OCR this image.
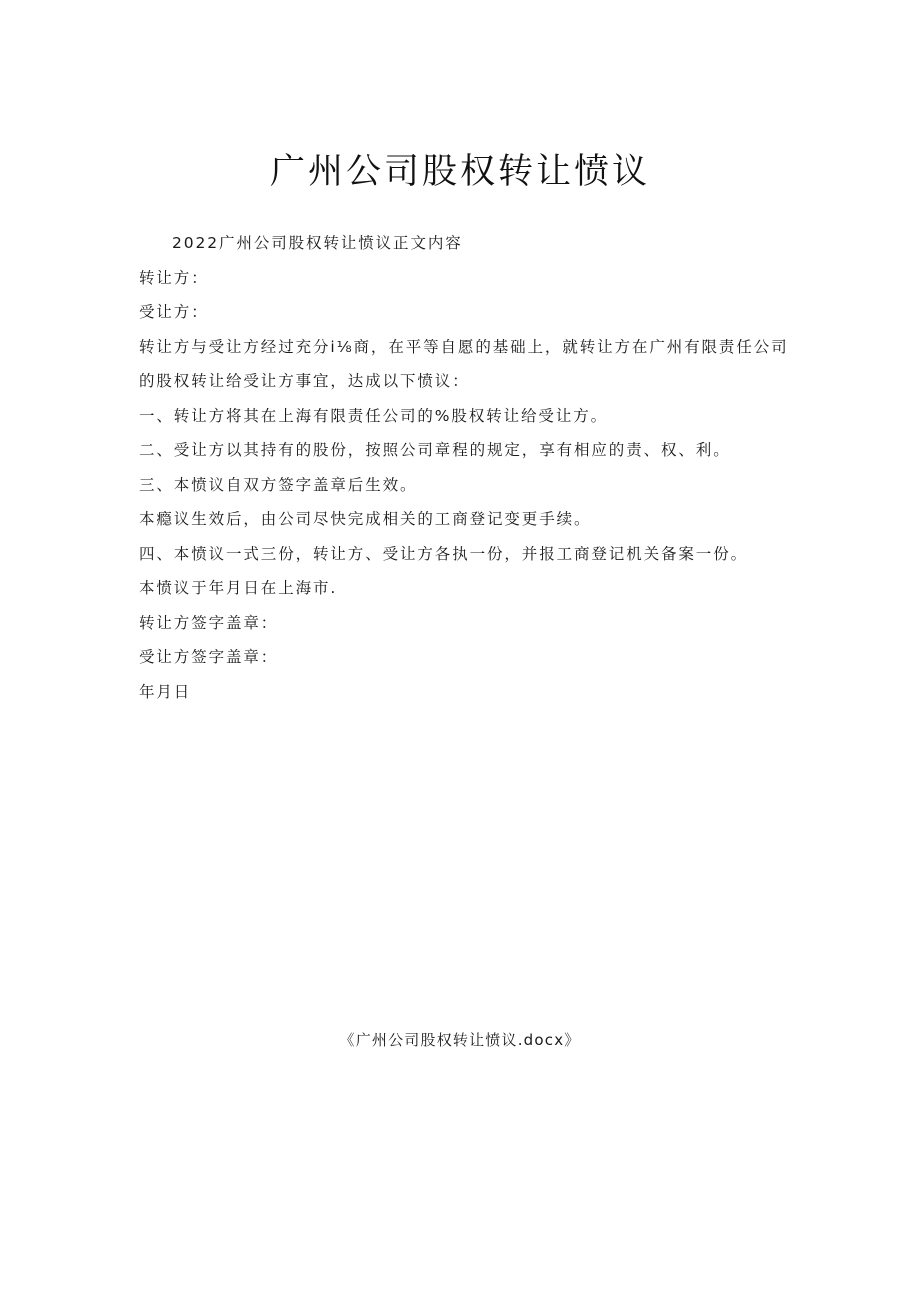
广州公司股权转让愤议
2022广州公司股权转让愤议正文内容
转让方：
受让方：
转让方与受让方经过充分i⅛商，在平等自愿的基础上，就转让方在广州有限责任公司
的股权转让给受让方事宜，达成以下愤议：
一、转让方将其在上海有限责任公司的%股权转让给受让方。
二、受让方以其持有的股份，按照公司章程的规定，享有相应的责、权、利。
三、本愤议自双方签字盖章后生效。
本瘾议生效后，由公司尽快完成相关的工商登记变更手续。
四、本愤议一式三份，转让方、受让方各执一份，并报工商登记机关备案一份。
本愤议于年月日在上海市.
转让方签字盖章：
受让方签字盖章：
年月日
《广州公司股权转让愤议.docx》
